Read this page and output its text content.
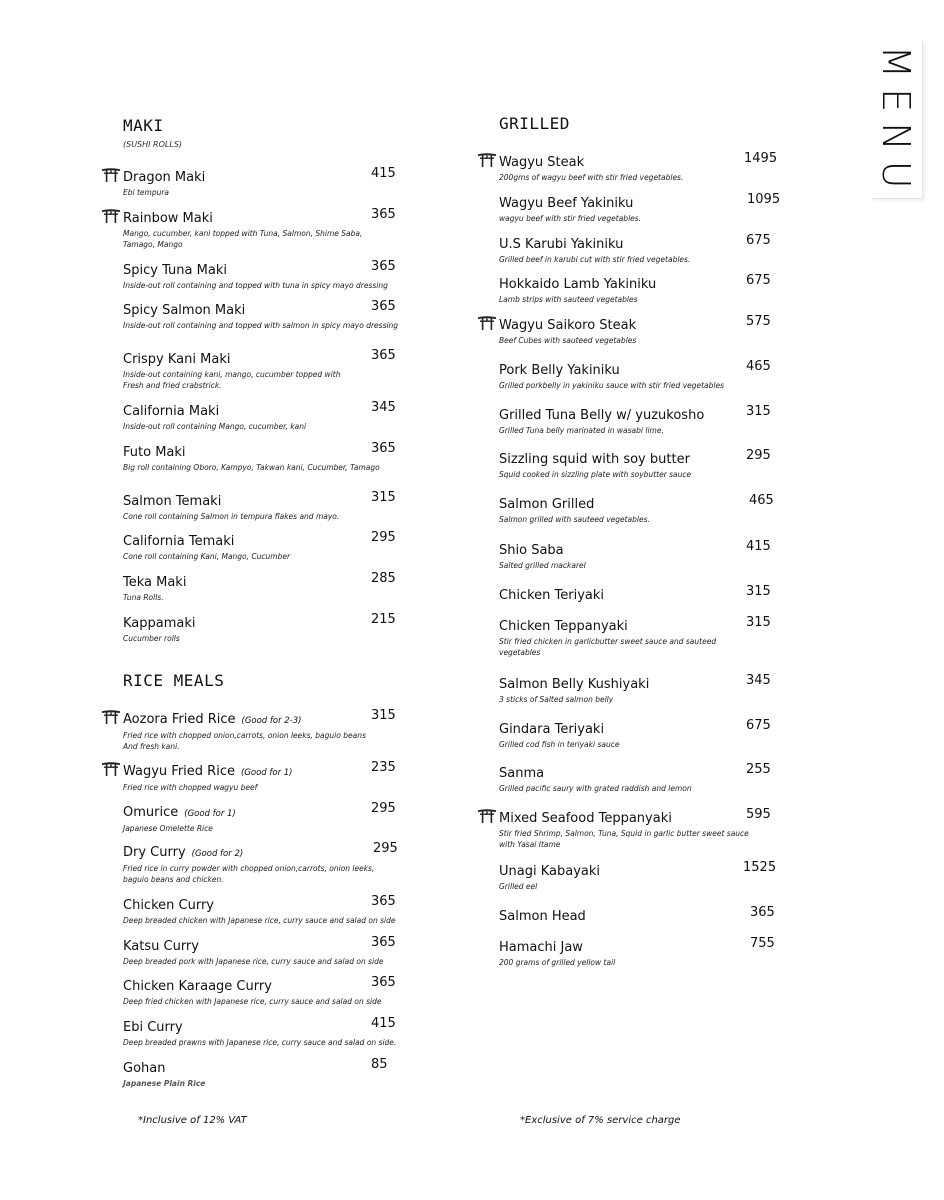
MENU
MAKI
(SUSHI ROLLS)
Dragon Maki	415
Ebi tempura
Rainbow Maki	365
Mango, cucumber, kani topped with Tuna, Salmon, Shime Saba,
Tamago, Mango
Spicy Tuna Maki	365
Inside-out roll containing and topped with tuna in spicy mayo dressing
Spicy Salmon Maki	365
Inside-out roll containing and topped with salmon in spicy mayo dressing
Crispy Kani Maki	365
Inside-out containing kani, mango, cucumber topped with
Fresh and fried crabstrick.
California Maki	345
Inside-out roll containing Mango, cucumber, kani
Futo Maki	365
Big roll containing Oboro, Kampyo, Takwan kani, Cucumber, Tamago
Salmon Temaki	315
Cone roll containing Salmon in tempura flakes and mayo.
California Temaki	295
Cone roll containing Kani, Mango, Cucumber
Teka Maki	285
Tuna Rolls.
Kappamaki	215
Cucumber rolls
RICE MEALS
Aozora Fried Rice (Good for 2-3)	315
Fried rice with chopped onion,carrots, onion leeks, baguio beans
And fresh kani.
Wagyu Fried Rice (Good for 1)	235
Fried rice with chopped wagyu beef
Omurice (Good for 1)	295
Japanese Omelette Rice
Dry Curry (Good for 2)	295
Fried rice in curry powder with chopped onion,carrots, onion leeks,
baguio beans and chicken.
Chicken Curry	365
Deep breaded chicken with Japanese rice, curry sauce and salad on side
Katsu Curry	365
Deep breaded pork with Japanese rice, curry sauce and salad on side
Chicken Karaage Curry	365
Deep fried chicken with Japanese rice, curry sauce and salad on side
Ebi Curry	415
Deep breaded prawns with Japanese rice, curry sauce and salad on side.
Gohan	85
Japanese Plain Rice
GRILLED
Wagyu Steak	1495
200gms of wagyu beef with stir fried vegetables.
Wagyu Beef Yakiniku	1095
wagyu beef with stir fried vegetables.
U.S Karubi Yakiniku	675
Grilled beef in karubi cut with stir fried vegetables.
Hokkaido Lamb Yakiniku	675
Lamb strips with sauteed vegetables
Wagyu Saikoro Steak	575
Beef Cubes with sauteed vegetables
Pork Belly Yakiniku	465
Grilled porkbelly in yakiniku sauce with stir fried vegetables
Grilled Tuna Belly w/ yuzukosho	315
Grilled Tuna belly marinated in wasabi lime.
Sizzling squid with soy butter	295
Squid cooked in sizzling plate with soybutter sauce
Salmon Grilled	465
Salmon grilled with sauteed vegetables.
Shio Saba	415
Salted grilled mackarel
Chicken Teriyaki	315
Chicken Teppanyaki	315
Stir fried chicken in garlicbutter sweet sauce and sauteed
vegetables
Salmon Belly Kushiyaki	345
3 sticks of Salted salmon belly
Gindara Teriyaki	675
Grilled cod fish in teriyaki sauce
Sanma	255
Grilled pacific saury with grated raddish and lemon
Mixed Seafood Teppanyaki	595
Stir fried Shrimp, Salmon, Tuna, Squid in garlic butter sweet sauce
with Yasai Itame
Unagi Kabayaki	1525
Grilled eel
Salmon Head	365
Hamachi Jaw	755
200 grams of grilled yellow tail
*Inclusive of 12% VAT	*Exclusive of 7% service charge
